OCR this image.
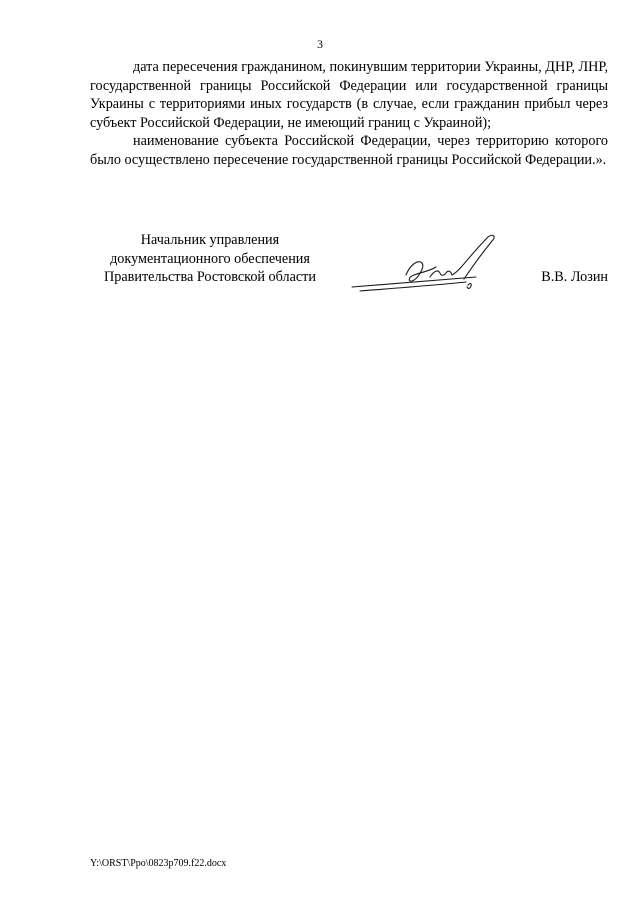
3

дата пересечения гражданином, покинувшим территории Украины, ДНР, ЛНР, государственной границы Российской Федерации или государственной границы Украины с территориями иных государств (в случае, если гражданин прибыл через субъект Российской Федерации, не имеющий границ с Украиной);

наименование субъекта Российской Федерации, через территорию которого было осуществлено пересечение государственной границы Российской Федерации.».

Начальник управления
документационного обеспечения
Правительства Ростовской области	В.В. Лозин
Y:\ORST\Ppo\0823p709.f22.docx
